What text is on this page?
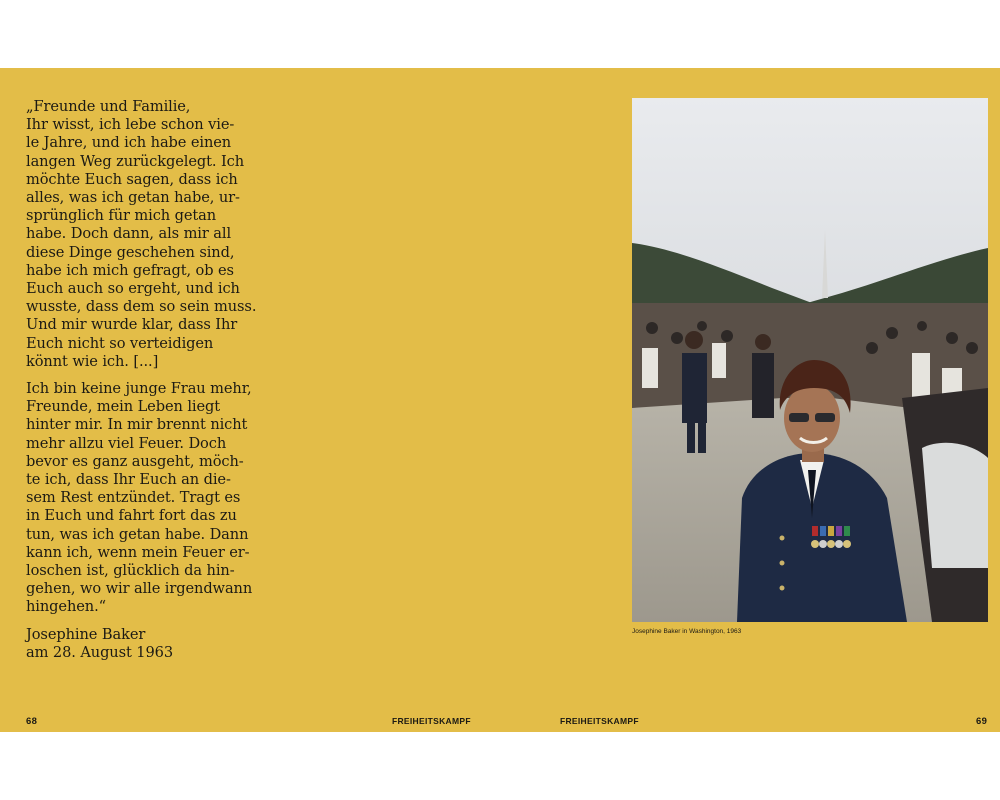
„Freunde und Familie,
Ihr wisst, ich lebe schon vie-
le Jahre, und ich habe einen
langen Weg zurückgelegt. Ich
möchte Euch sagen, dass ich
alles, was ich getan habe, ur-
sprünglich für mich getan
habe. Doch dann, als mir all
diese Dinge geschehen sind,
habe ich mich gefragt, ob es
Euch auch so ergeht, und ich
wusste, dass dem so sein muss.
Und mir wurde klar, dass Ihr
Euch nicht so verteidigen
könnt wie ich. [...]

Ich bin keine junge Frau mehr,
Freunde, mein Leben liegt
hinter mir. In mir brennt nicht
mehr allzu viel Feuer. Doch
bevor es ganz ausgeht, möch-
te ich, dass Ihr Euch an die-
sem Rest entzündet. Tragt es
in Euch und fahrt fort das zu
tun, was ich getan habe. Dann
kann ich, wenn mein Feuer er-
loschen ist, glücklich da hin-
gehen, wo wir alle irgendwann
hingehen.“

Josephine Baker
am 28. August 1963

68	FREIHEITSKAMPF	FREIHEITSKAMPF
Josephine Baker in Washington, 1963
69
